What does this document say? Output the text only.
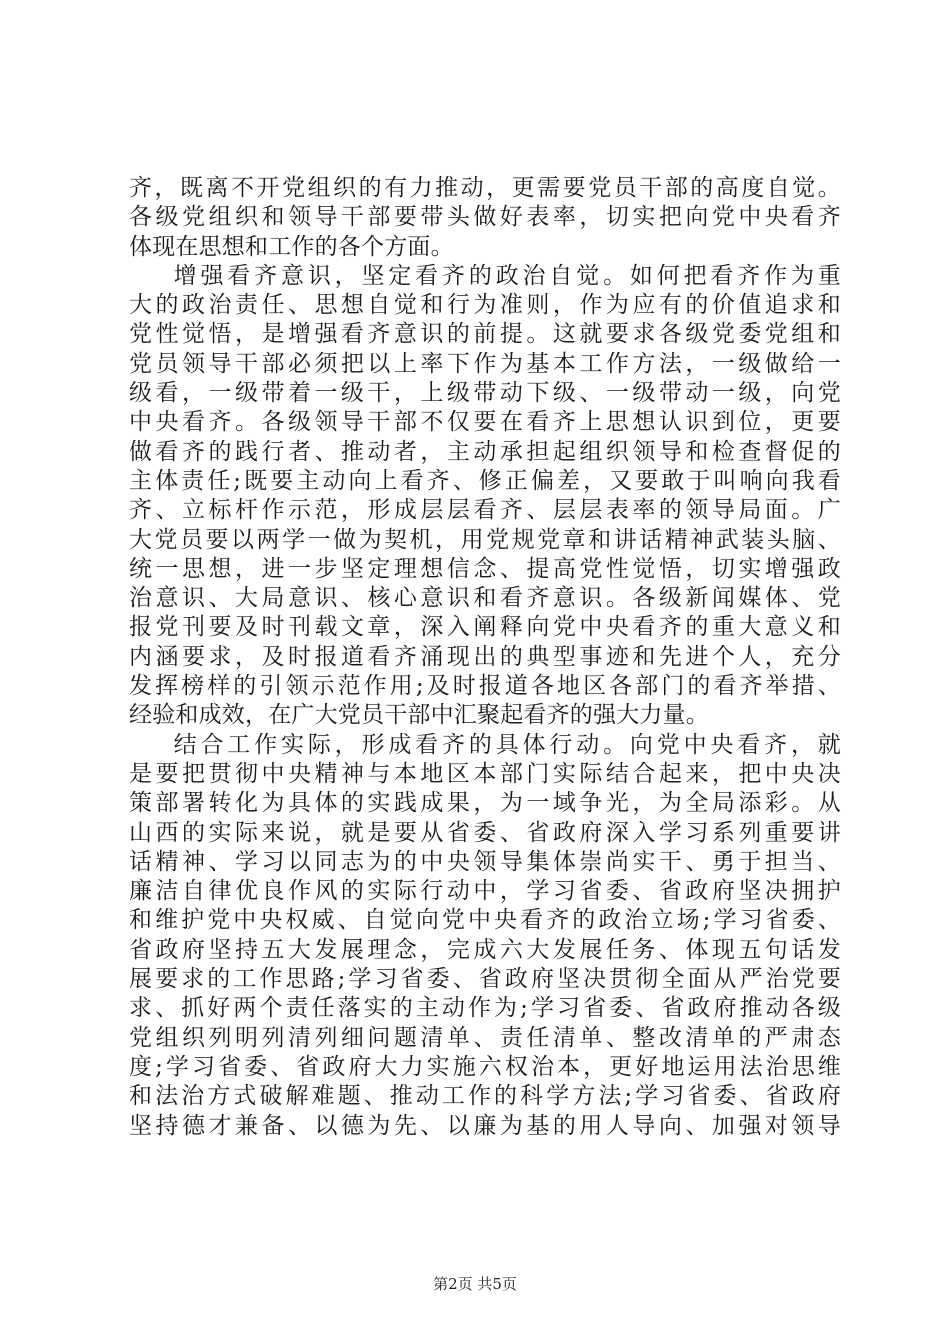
齐，既离不开党组织的有力推动，更需要党员干部的高度自觉。
各级党组织和领导干部要带头做好表率，切实把向党中央看齐
体现在思想和工作的各个方面。
增强看齐意识，坚定看齐的政治自觉。如何把看齐作为重
大的政治责任、思想自觉和行为准则，作为应有的价值追求和
党性觉悟，是增强看齐意识的前提。这就要求各级党委党组和
党员领导干部必须把以上率下作为基本工作方法，一级做给一
级看，一级带着一级干，上级带动下级、一级带动一级，向党
中央看齐。各级领导干部不仅要在看齐上思想认识到位，更要
做看齐的践行者、推动者，主动承担起组织领导和检查督促的
主体责任;既要主动向上看齐、修正偏差，又要敢于叫响向我看
齐、立标杆作示范，形成层层看齐、层层表率的领导局面。广
大党员要以两学一做为契机，用党规党章和讲话精神武装头脑、
统一思想，进一步坚定理想信念、提高党性觉悟，切实增强政
治意识、大局意识、核心意识和看齐意识。各级新闻媒体、党
报党刊要及时刊载文章，深入阐释向党中央看齐的重大意义和
内涵要求，及时报道看齐涌现出的典型事迹和先进个人，充分
发挥榜样的引领示范作用;及时报道各地区各部门的看齐举措、
经验和成效，在广大党员干部中汇聚起看齐的强大力量。
结合工作实际，形成看齐的具体行动。向党中央看齐，就
是要把贯彻中央精神与本地区本部门实际结合起来，把中央决
策部署转化为具体的实践成果，为一域争光，为全局添彩。从
山西的实际来说，就是要从省委、省政府深入学习系列重要讲
话精神、学习以同志为的中央领导集体崇尚实干、勇于担当、
廉洁自律优良作风的实际行动中，学习省委、省政府坚决拥护
和维护党中央权威、自觉向党中央看齐的政治立场;学习省委、
省政府坚持五大发展理念，完成六大发展任务、体现五句话发
展要求的工作思路;学习省委、省政府坚决贯彻全面从严治党要
求、抓好两个责任落实的主动作为;学习省委、省政府推动各级
党组织列明列清列细问题清单、责任清单、整改清单的严肃态
度;学习省委、省政府大力实施六权治本，更好地运用法治思维
和法治方式破解难题、推动工作的科学方法;学习省委、省政府
坚持德才兼备、以德为先、以廉为基的用人导向、加强对领导
第2页 共5页
